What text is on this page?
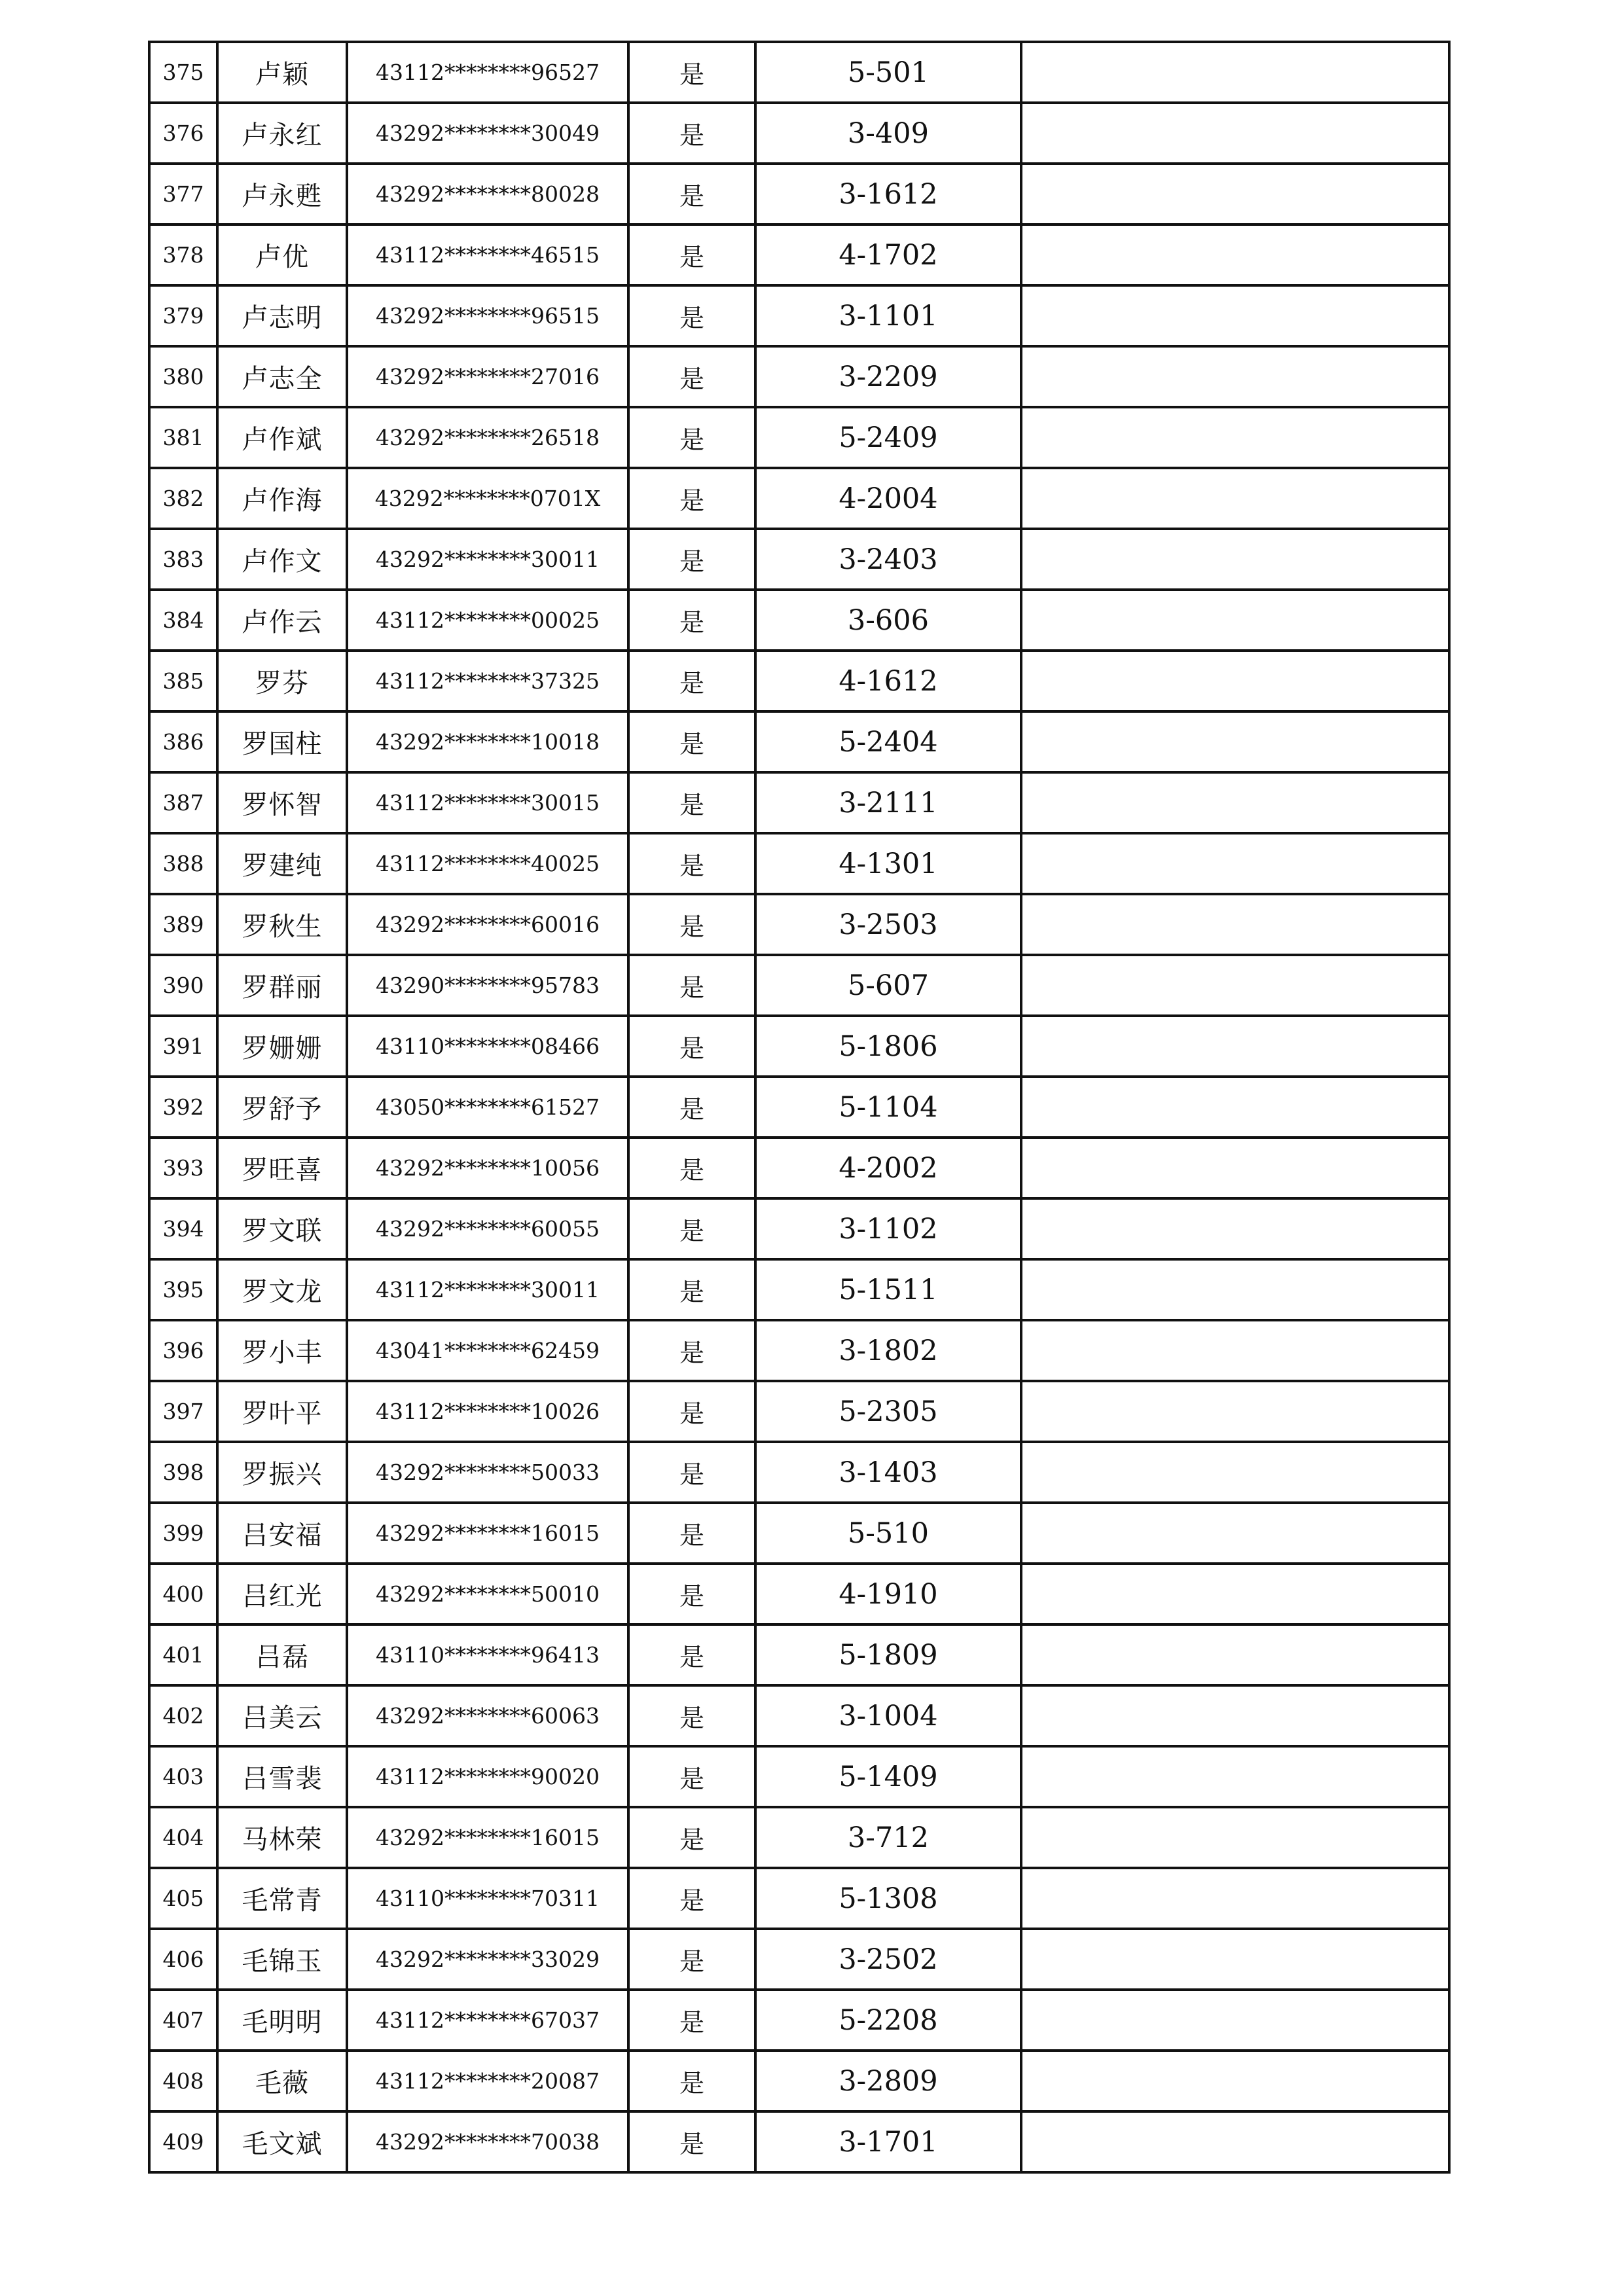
375	卢颖	43112********96527	是	5-501	
376	卢永红	43292********30049	是	3-409	
377	卢永甦	43292********80028	是	3-1612	
378	卢优	43112********46515	是	4-1702	
379	卢志明	43292********96515	是	3-1101	
380	卢志全	43292********27016	是	3-2209	
381	卢作斌	43292********26518	是	5-2409	
382	卢作海	43292********0701X	是	4-2004	
383	卢作文	43292********30011	是	3-2403	
384	卢作云	43112********00025	是	3-606	
385	罗芬	43112********37325	是	4-1612	
386	罗国柱	43292********10018	是	5-2404	
387	罗怀智	43112********30015	是	3-2111	
388	罗建纯	43112********40025	是	4-1301	
389	罗秋生	43292********60016	是	3-2503	
390	罗群丽	43290********95783	是	5-607	
391	罗姗姗	43110********08466	是	5-1806	
392	罗舒予	43050********61527	是	5-1104	
393	罗旺喜	43292********10056	是	4-2002	
394	罗文联	43292********60055	是	3-1102	
395	罗文龙	43112********30011	是	5-1511	
396	罗小丰	43041********62459	是	3-1802	
397	罗叶平	43112********10026	是	5-2305	
398	罗振兴	43292********50033	是	3-1403	
399	吕安福	43292********16015	是	5-510	
400	吕红光	43292********50010	是	4-1910	
401	吕磊	43110********96413	是	5-1809	
402	吕美云	43292********60063	是	3-1004	
403	吕雪裴	43112********90020	是	5-1409	
404	马林荣	43292********16015	是	3-712	
405	毛常青	43110********70311	是	5-1308	
406	毛锦玉	43292********33029	是	3-2502	
407	毛明明	43112********67037	是	5-2208	
408	毛薇	43112********20087	是	3-2809	
409	毛文斌	43292********70038	是	3-1701	
